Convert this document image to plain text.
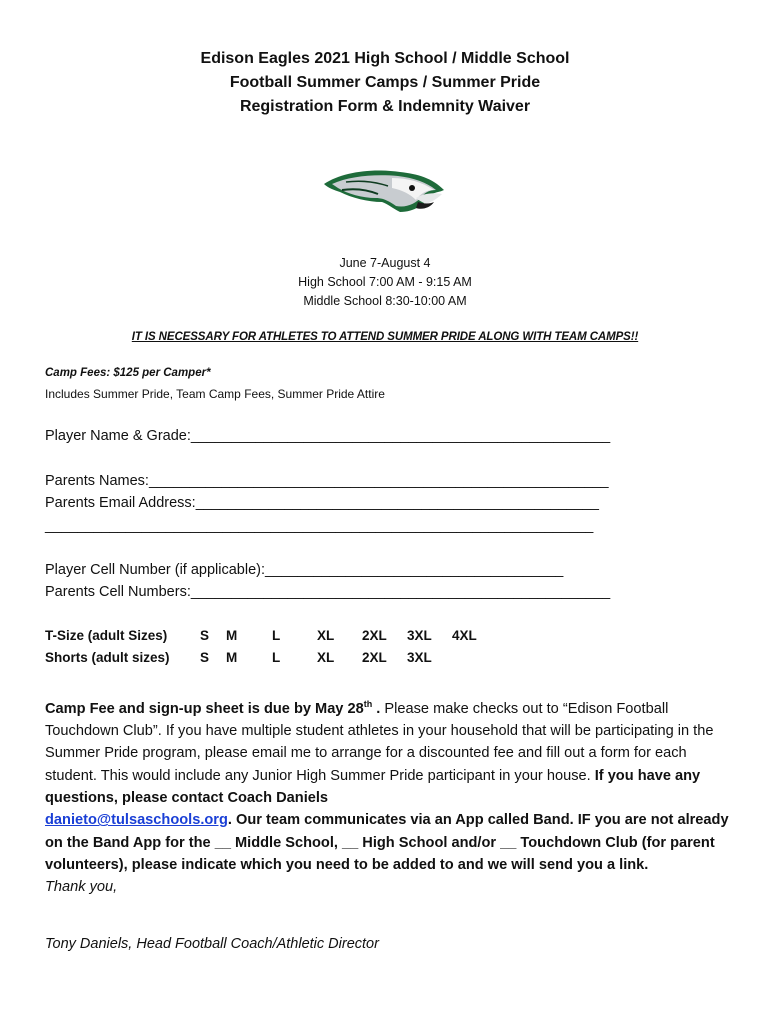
Edison Eagles 2021 High School / Middle School
Football Summer Camps / Summer Pride
Registration Form & Indemnity Waiver
June 7-August 4
High School 7:00 AM - 9:15 AM
Middle School 8:30-10:00 AM
IT IS NECESSARY FOR ATHLETES TO ATTEND SUMMER PRIDE ALONG WITH TEAM CAMPS!!
Camp Fees: $125 per Camper*
Includes Summer Pride, Team Camp Fees, Summer Pride Attire
Player Name & Grade:____________________________________________________
Parents Names:_________________________________________________________
Parents Email Address:__________________________________________________
____________________________________________________________________
Player Cell Number (if applicable):_____________________________________
Parents Cell Numbers:____________________________________________________
T-Size (adult Sizes) S M	L	XL 2XL 3XL 4XL
Shorts (adult sizes) S M	L	XL 2XL 3XL
Camp Fee and sign-up sheet is due by May 28th . Please make checks out to “Edison Football Touchdown Club”. If you have multiple student athletes in your household that will be participating in the Summer Pride program, please email me to arrange for a discounted fee and fill out a form for each student. This would include any Junior High Summer Pride participant in your house. If you have any questions, please contact Coach Daniels
danieto@tulsaschools.org. Our team communicates via an App called Band. IF you are not already on the Band App for the __ Middle School, __ High School and/or __ Touchdown Club (for parent volunteers), please indicate which you need to be added to and we will send you a link.
Thank you,
Tony Daniels, Head Football Coach/Athletic Director
